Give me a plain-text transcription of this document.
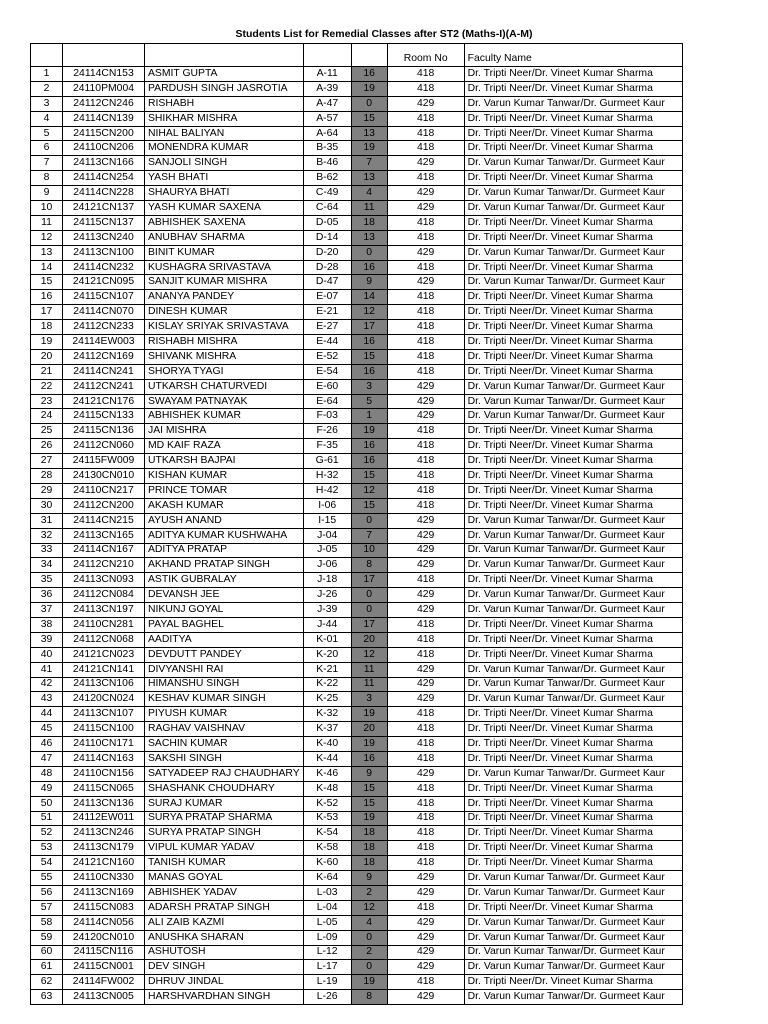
Students List for Remedial Classes after ST2 (Maths-I)(A-M)
					Room No	Faculty Name
1	24114CN153	ASMIT GUPTA	A-11	16	418	Dr. Tripti Neer/Dr. Vineet Kumar Sharma
2	24110PM004	PARDUSH SINGH JASROTIA	A-39	19	418	Dr. Tripti Neer/Dr. Vineet Kumar Sharma
3	24112CN246	RISHABH	A-47	0	429	Dr. Varun Kumar Tanwar/Dr. Gurmeet Kaur
4	24114CN139	SHIKHAR MISHRA	A-57	15	418	Dr. Tripti Neer/Dr. Vineet Kumar Sharma
5	24115CN200	NIHAL BALIYAN	A-64	13	418	Dr. Tripti Neer/Dr. Vineet Kumar Sharma
6	24110CN206	MONENDRA KUMAR	B-35	19	418	Dr. Tripti Neer/Dr. Vineet Kumar Sharma
7	24113CN166	SANJOLI SINGH	B-46	7	429	Dr. Varun Kumar Tanwar/Dr. Gurmeet Kaur
8	24114CN254	YASH BHATI	B-62	13	418	Dr. Tripti Neer/Dr. Vineet Kumar Sharma
9	24114CN228	SHAURYA BHATI	C-49	4	429	Dr. Varun Kumar Tanwar/Dr. Gurmeet Kaur
10	24121CN137	YASH KUMAR SAXENA	C-64	11	429	Dr. Varun Kumar Tanwar/Dr. Gurmeet Kaur
11	24115CN137	ABHISHEK SAXENA	D-05	18	418	Dr. Tripti Neer/Dr. Vineet Kumar Sharma
12	24113CN240	ANUBHAV SHARMA	D-14	13	418	Dr. Tripti Neer/Dr. Vineet Kumar Sharma
13	24113CN100	BINIT KUMAR	D-20	0	429	Dr. Varun Kumar Tanwar/Dr. Gurmeet Kaur
14	24114CN232	KUSHAGRA SRIVASTAVA	D-28	16	418	Dr. Tripti Neer/Dr. Vineet Kumar Sharma
15	24121CN095	SANJIT KUMAR MISHRA	D-47	9	429	Dr. Varun Kumar Tanwar/Dr. Gurmeet Kaur
16	24115CN107	ANANYA PANDEY	E-07	14	418	Dr. Tripti Neer/Dr. Vineet Kumar Sharma
17	24114CN070	DINESH KUMAR	E-21	12	418	Dr. Tripti Neer/Dr. Vineet Kumar Sharma
18	24112CN233	KISLAY SRIYAK SRIVASTAVA	E-27	17	418	Dr. Tripti Neer/Dr. Vineet Kumar Sharma
19	24114EW003	RISHABH MISHRA	E-44	16	418	Dr. Tripti Neer/Dr. Vineet Kumar Sharma
20	24112CN169	SHIVANK MISHRA	E-52	15	418	Dr. Tripti Neer/Dr. Vineet Kumar Sharma
21	24114CN241	SHORYA TYAGI	E-54	16	418	Dr. Tripti Neer/Dr. Vineet Kumar Sharma
22	24112CN241	UTKARSH CHATURVEDI	E-60	3	429	Dr. Varun Kumar Tanwar/Dr. Gurmeet Kaur
23	24121CN176	SWAYAM PATNAYAK	E-64	5	429	Dr. Varun Kumar Tanwar/Dr. Gurmeet Kaur
24	24115CN133	ABHISHEK KUMAR	F-03	1	429	Dr. Varun Kumar Tanwar/Dr. Gurmeet Kaur
25	24115CN136	JAI MISHRA	F-26	19	418	Dr. Tripti Neer/Dr. Vineet Kumar Sharma
26	24112CN060	MD KAIF RAZA	F-35	16	418	Dr. Tripti Neer/Dr. Vineet Kumar Sharma
27	24115FW009	UTKARSH BAJPAI	G-61	16	418	Dr. Tripti Neer/Dr. Vineet Kumar Sharma
28	24130CN010	KISHAN KUMAR	H-32	15	418	Dr. Tripti Neer/Dr. Vineet Kumar Sharma
29	24110CN217	PRINCE TOMAR	H-42	12	418	Dr. Tripti Neer/Dr. Vineet Kumar Sharma
30	24112CN200	AKASH KUMAR	I-06	15	418	Dr. Tripti Neer/Dr. Vineet Kumar Sharma
31	24114CN215	AYUSH ANAND	I-15	0	429	Dr. Varun Kumar Tanwar/Dr. Gurmeet Kaur
32	24113CN165	ADITYA KUMAR KUSHWAHA	J-04	7	429	Dr. Varun Kumar Tanwar/Dr. Gurmeet Kaur
33	24114CN167	ADITYA PRATAP	J-05	10	429	Dr. Varun Kumar Tanwar/Dr. Gurmeet Kaur
34	24112CN210	AKHAND PRATAP SINGH	J-06	8	429	Dr. Varun Kumar Tanwar/Dr. Gurmeet Kaur
35	24113CN093	ASTIK GUBRALAY	J-18	17	418	Dr. Tripti Neer/Dr. Vineet Kumar Sharma
36	24112CN084	DEVANSH JEE	J-26	0	429	Dr. Varun Kumar Tanwar/Dr. Gurmeet Kaur
37	24113CN197	NIKUNJ GOYAL	J-39	0	429	Dr. Varun Kumar Tanwar/Dr. Gurmeet Kaur
38	24110CN281	PAYAL BAGHEL	J-44	17	418	Dr. Tripti Neer/Dr. Vineet Kumar Sharma
39	24112CN068	AADITYA	K-01	20	418	Dr. Tripti Neer/Dr. Vineet Kumar Sharma
40	24121CN023	DEVDUTT PANDEY	K-20	12	418	Dr. Tripti Neer/Dr. Vineet Kumar Sharma
41	24121CN141	DIVYANSHI RAI	K-21	11	429	Dr. Varun Kumar Tanwar/Dr. Gurmeet Kaur
42	24113CN106	HIMANSHU SINGH	K-22	11	429	Dr. Varun Kumar Tanwar/Dr. Gurmeet Kaur
43	24120CN024	KESHAV KUMAR SINGH	K-25	3	429	Dr. Varun Kumar Tanwar/Dr. Gurmeet Kaur
44	24113CN107	PIYUSH KUMAR	K-32	19	418	Dr. Tripti Neer/Dr. Vineet Kumar Sharma
45	24115CN100	RAGHAV VAISHNAV	K-37	20	418	Dr. Tripti Neer/Dr. Vineet Kumar Sharma
46	24110CN171	SACHIN KUMAR	K-40	19	418	Dr. Tripti Neer/Dr. Vineet Kumar Sharma
47	24114CN163	SAKSHI SINGH	K-44	16	418	Dr. Tripti Neer/Dr. Vineet Kumar Sharma
48	24110CN156	SATYADEEP RAJ CHAUDHARY	K-46	9	429	Dr. Varun Kumar Tanwar/Dr. Gurmeet Kaur
49	24115CN065	SHASHANK CHOUDHARY	K-48	15	418	Dr. Tripti Neer/Dr. Vineet Kumar Sharma
50	24113CN136	SURAJ KUMAR	K-52	15	418	Dr. Tripti Neer/Dr. Vineet Kumar Sharma
51	24112EW011	SURYA PRATAP SHARMA	K-53	19	418	Dr. Tripti Neer/Dr. Vineet Kumar Sharma
52	24113CN246	SURYA PRATAP SINGH	K-54	18	418	Dr. Tripti Neer/Dr. Vineet Kumar Sharma
53	24113CN179	VIPUL KUMAR YADAV	K-58	18	418	Dr. Tripti Neer/Dr. Vineet Kumar Sharma
54	24121CN160	TANISH KUMAR	K-60	18	418	Dr. Tripti Neer/Dr. Vineet Kumar Sharma
55	24110CN330	MANAS GOYAL	K-64	9	429	Dr. Varun Kumar Tanwar/Dr. Gurmeet Kaur
56	24113CN169	ABHISHEK YADAV	L-03	2	429	Dr. Varun Kumar Tanwar/Dr. Gurmeet Kaur
57	24115CN083	ADARSH PRATAP SINGH	L-04	12	418	Dr. Tripti Neer/Dr. Vineet Kumar Sharma
58	24114CN056	ALI ZAIB KAZMI	L-05	4	429	Dr. Varun Kumar Tanwar/Dr. Gurmeet Kaur
59	24120CN010	ANUSHKA SHARAN	L-09	0	429	Dr. Varun Kumar Tanwar/Dr. Gurmeet Kaur
60	24115CN116	ASHUTOSH	L-12	2	429	Dr. Varun Kumar Tanwar/Dr. Gurmeet Kaur
61	24115CN001	DEV SINGH	L-17	0	429	Dr. Varun Kumar Tanwar/Dr. Gurmeet Kaur
62	24114FW002	DHRUV JINDAL	L-19	19	418	Dr. Tripti Neer/Dr. Vineet Kumar Sharma
63	24113CN005	HARSHVARDHAN SINGH	L-26	8	429	Dr. Varun Kumar Tanwar/Dr. Gurmeet Kaur
